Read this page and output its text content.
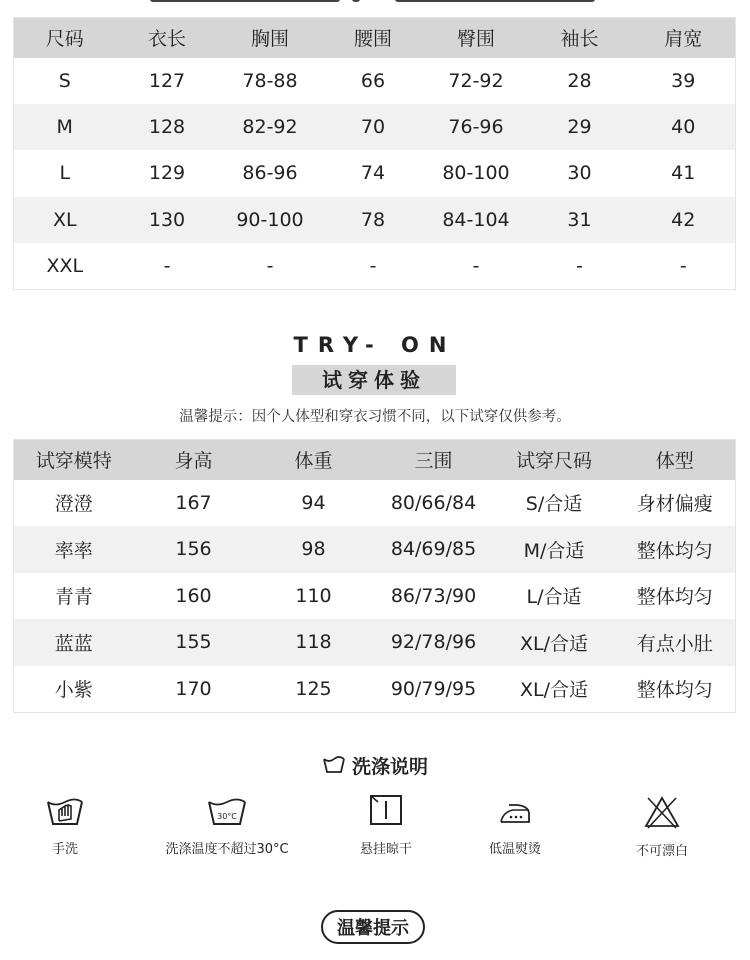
尺码	衣长	胸围	腰围	臀围	袖长	肩宽
S	127	78-88	66	72-92	28	39
M	128	82-92	70	76-96	29	40
L	129	86-96	74	80-100	30	41
XL	130	90-100	78	84-104	31	42
XXL	-	-	-	-	-	-
TRY- ON
试穿体验
温馨提示：因个人体型和穿衣习惯不同，以下试穿仅供参考。
试穿模特	身高	体重	三围	试穿尺码	体型
澄澄	167	94	80/66/84	S/合适	身材偏瘦
率率	156	98	84/69/85	M/合适	整体均匀
青青	160	110	86/73/90	L/合适	整体均匀
蓝蓝	155	118	92/78/96	XL/合适	有点小肚
小紫	170	125	90/79/95	XL/合适	整体均匀
洗涤说明
手洗
30°C
洗涤温度不超过30°C	悬挂晾干	低温熨烫	不可漂白
温馨提示
